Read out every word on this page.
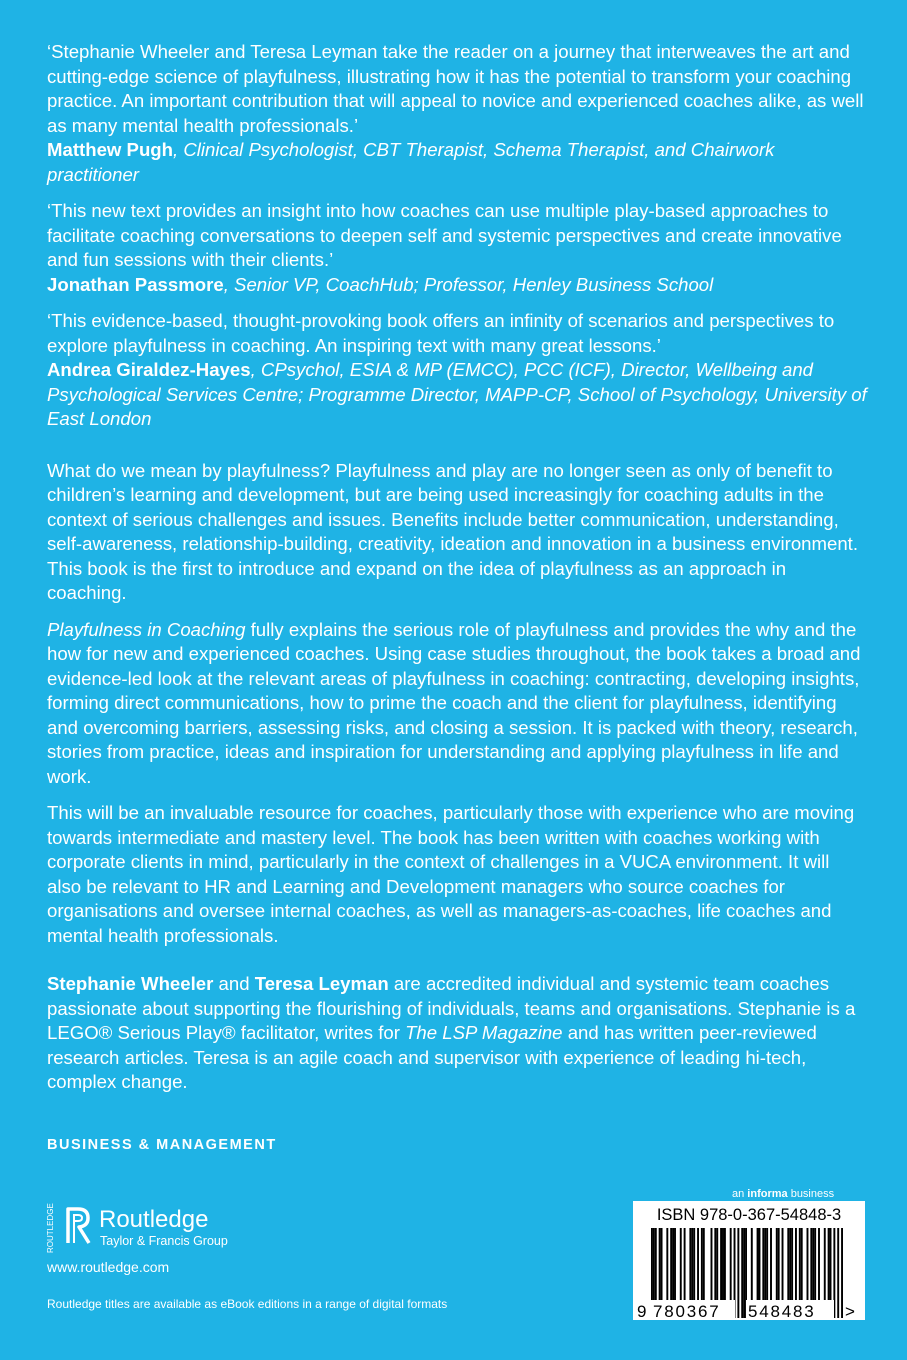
‘Stephanie Wheeler and Teresa Leyman take the reader on a journey that interweaves the art and cutting-edge science of playfulness, illustrating how it has the potential to transform your coaching practice. An important contribution that will appeal to novice and experienced coaches alike, as well as many mental health professionals.’

Matthew Pugh, Clinical Psychologist, CBT Therapist, Schema Therapist, and Chairwork practitioner

‘This new text provides an insight into how coaches can use multiple play-based approaches to facilitate coaching conversations to deepen self and systemic perspectives and create innovative and fun sessions with their clients.’

Jonathan Passmore, Senior VP, CoachHub; Professor, Henley Business School

‘This evidence-based, thought-provoking book offers an infinity of scenarios and perspectives to explore playfulness in coaching. An inspiring text with many great lessons.’

Andrea Giraldez-Hayes, CPsychol, ESIA & MP (EMCC), PCC (ICF), Director, Wellbeing and Psychological Services Centre; Programme Director, MAPP-CP, School of Psychology, University of East London

What do we mean by playfulness? Playfulness and play are no longer seen as only of benefit to children’s learning and development, but are being used increasingly for coaching adults in the context of serious challenges and issues. Benefits include better communication, understanding, self-awareness, relationship-building, creativity, ideation and innovation in a business environment. This book is the first to introduce and expand on the idea of playfulness as an approach in coaching.

Playfulness in Coaching fully explains the serious role of playfulness and provides the why and the how for new and experienced coaches. Using case studies throughout, the book takes a broad and evidence-led look at the relevant areas of playfulness in coaching: contracting, developing insights, forming direct communications, how to prime the coach and the client for playfulness, identifying and overcoming barriers, assessing risks, and closing a session. It is packed with theory, research, stories from practice, ideas and inspiration for understanding and applying playfulness in life and work.

This will be an invaluable resource for coaches, particularly those with experience who are moving towards intermediate and mastery level. The book has been written with coaches working with corporate clients in mind, particularly in the context of challenges in a VUCA environment. It will also be relevant to HR and Learning and Development managers who source coaches for organisations and oversee internal coaches, as well as managers-as-coaches, life coaches and mental health professionals.

Stephanie Wheeler and Teresa Leyman are accredited individual and systemic team coaches passionate about supporting the flourishing of individuals, teams and organisations. Stephanie is a LEGO® Serious Play® facilitator, writes for The LSP Magazine and has written peer-reviewed research articles. Teresa is an agile coach and supervisor with experience of leading hi-tech, complex change.

BUSINESS & MANAGEMENT
ROUTLEDGE Routledge
Taylor & Francis Group
www.routledge.com
Routledge titles are available as eBook editions in a range of digital formats
an informa business
ISBN 978-0-367-54848-3
9 780367 548483 >
